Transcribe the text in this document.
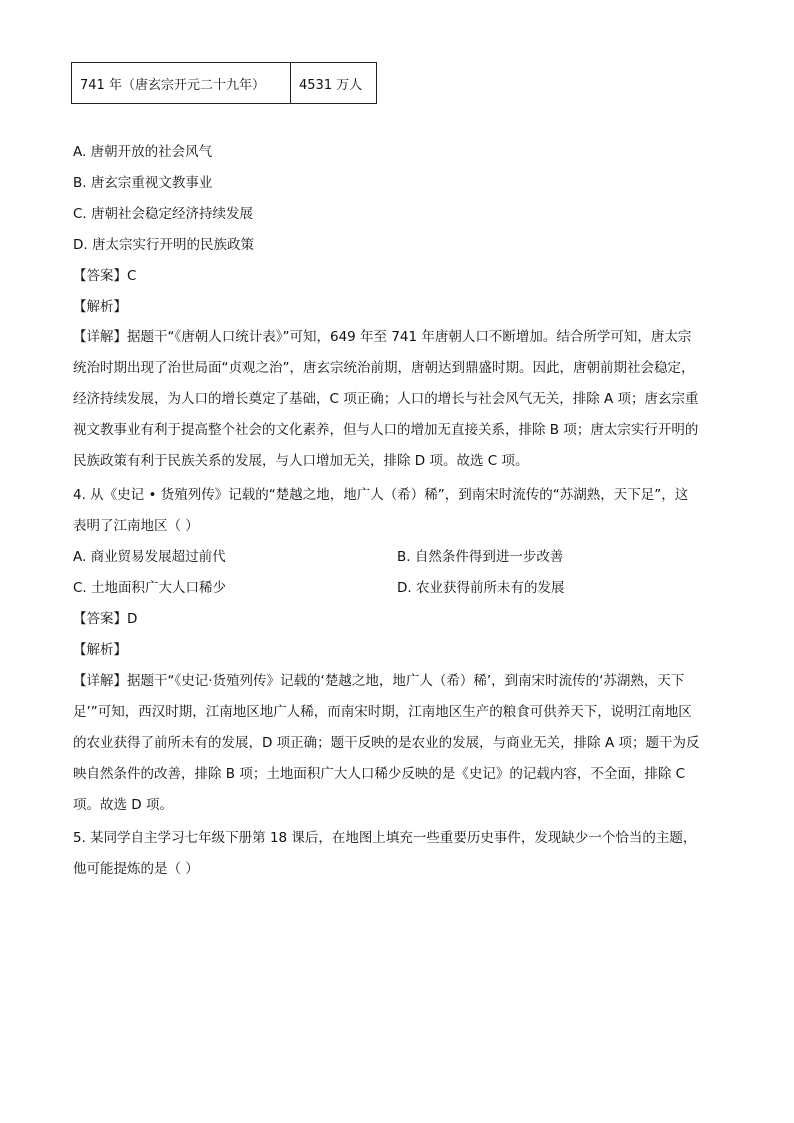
741 年（唐玄宗开元二十九年）	4531 万人
A. 唐朝开放的社会风气
B. 唐玄宗重视文教事业
C. 唐朝社会稳定经济持续发展
D. 唐太宗实行开明的民族政策
【答案】C
【解析】
【详解】据题干“《唐朝人口统计表》”可知，649 年至 741 年唐朝人口不断增加。结合所学可知，唐太宗
统治时期出现了治世局面“贞观之治”，唐玄宗统治前期，唐朝达到鼎盛时期。因此，唐朝前期社会稳定，
经济持续发展，为人口的增长奠定了基础，C 项正确；人口的增长与社会风气无关，排除 A 项；唐玄宗重
视文教事业有利于提高整个社会的文化素养，但与人口的增加无直接关系，排除 B 项；唐太宗实行开明的
民族政策有利于民族关系的发展，与人口增加无关，排除 D 项。故选 C 项。
4. 从《史记 • 货殖列传》记载的“楚越之地，地广人（希）稀”，到南宋时流传的“苏湖熟，天下足”，这
表明了江南地区（ ）
A. 商业贸易发展超过前代	B. 自然条件得到进一步改善
C. 土地面积广大人口稀少	D. 农业获得前所未有的发展
【答案】D
【解析】
【详解】据题干“《史记·货殖列传》记载的‘楚越之地，地广人（希）稀’，到南宋时流传的‘苏湖熟，天下
足’”可知，西汉时期，江南地区地广人稀，而南宋时期，江南地区生产的粮食可供养天下，说明江南地区
的农业获得了前所未有的发展，D 项正确；题干反映的是农业的发展，与商业无关，排除 A 项；题干为反
映自然条件的改善，排除 B 项；土地面积广大人口稀少反映的是《史记》的记载内容，不全面，排除 C
项。故选 D 项。
5. 某同学自主学习七年级下册第 18 课后，在地图上填充一些重要历史事件，发现缺少一个恰当的主题，
他可能提炼的是（ ）
